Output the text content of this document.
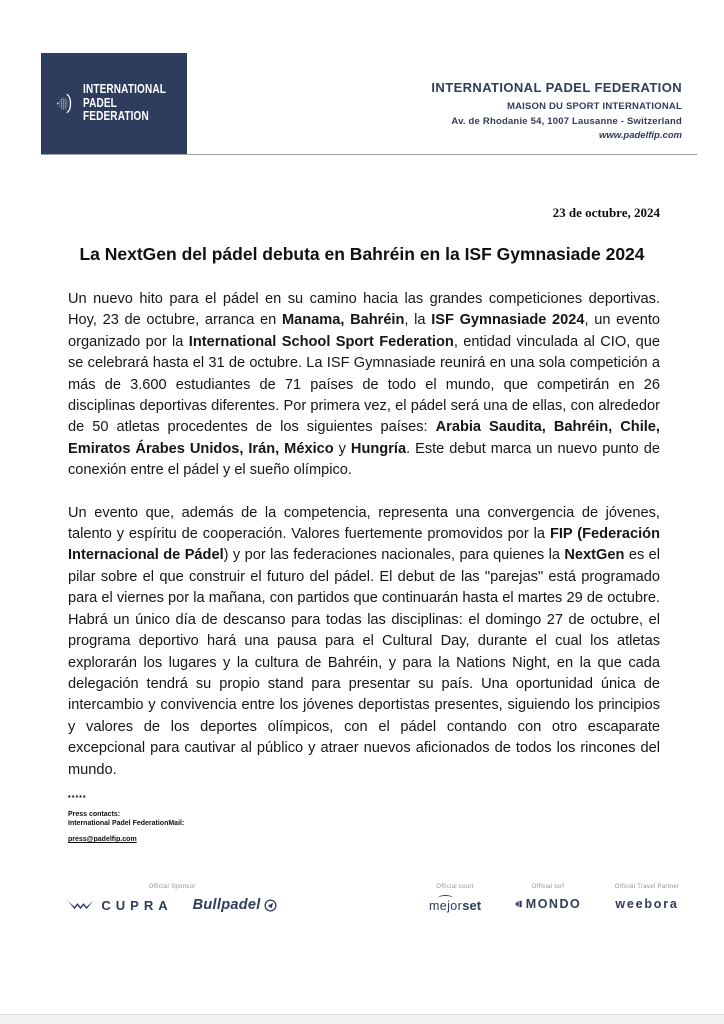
INTERNATIONAL
PADEL
FEDERATION
INTERNATIONAL PADEL FEDERATION
MAISON DU SPORT INTERNATIONAL
Av. de Rhodanie 54, 1007 Lausanne - Switzerland
www.padelfip.com
23 de octubre, 2024
La NextGen del pádel debuta en Bahréin en la ISF Gymnasiade 2024

Un nuevo hito para el pádel en su camino hacia las grandes competiciones deportivas. Hoy, 23 de octubre, arranca en Manama, Bahréin, la ISF Gymnasiade 2024, un evento organizado por la International School Sport Federation, entidad vinculada al CIO, que se celebrará hasta el 31 de octubre. La ISF Gymnasiade reunirá en una sola competición a más de 3.600 estudiantes de 71 países de todo el mundo, que competirán en 26 disciplinas deportivas diferentes. Por primera vez, el pádel será una de ellas, con alrededor de 50 atletas procedentes de los siguientes países: Arabia Saudita, Bahréin, Chile, Emiratos Árabes Unidos, Irán, México y Hungría. Este debut marca un nuevo punto de conexión entre el pádel y el sueño olímpico.

Un evento que, además de la competencia, representa una convergencia de jóvenes, talento y espíritu de cooperación. Valores fuertemente promovidos por la FIP (Federación Internacional de Pádel) y por las federaciones nacionales, para quienes la NextGen es el pilar sobre el que construir el futuro del pádel. El debut de las "parejas" está programado para el viernes por la mañana, con partidos que continuarán hasta el martes 29 de octubre. Habrá un único día de descanso para todas las disciplinas: el domingo 27 de octubre, el programa deportivo hará una pausa para el Cultural Day, durante el cual los atletas explorarán los lugares y la cultura de Bahréin, y para la Nations Night, en la que cada delegación tendrá su propio stand para presentar su país. Una oportunidad única de intercambio y convivencia entre los jóvenes deportistas presentes, siguiendo los principios y valores de los deportes olímpicos, con el pádel contando con otro escaparate excepcional para cautivar al público y atraer nuevos aficionados de todos los rincones del mundo.

*****
Press contacts:
International Padel FederationMail:
press@padelfip.com
Official Sponsor
CUPRA Bullpadel
Official court
mejorset
Official turf
MONDO
Official Travel Partner
weebora
